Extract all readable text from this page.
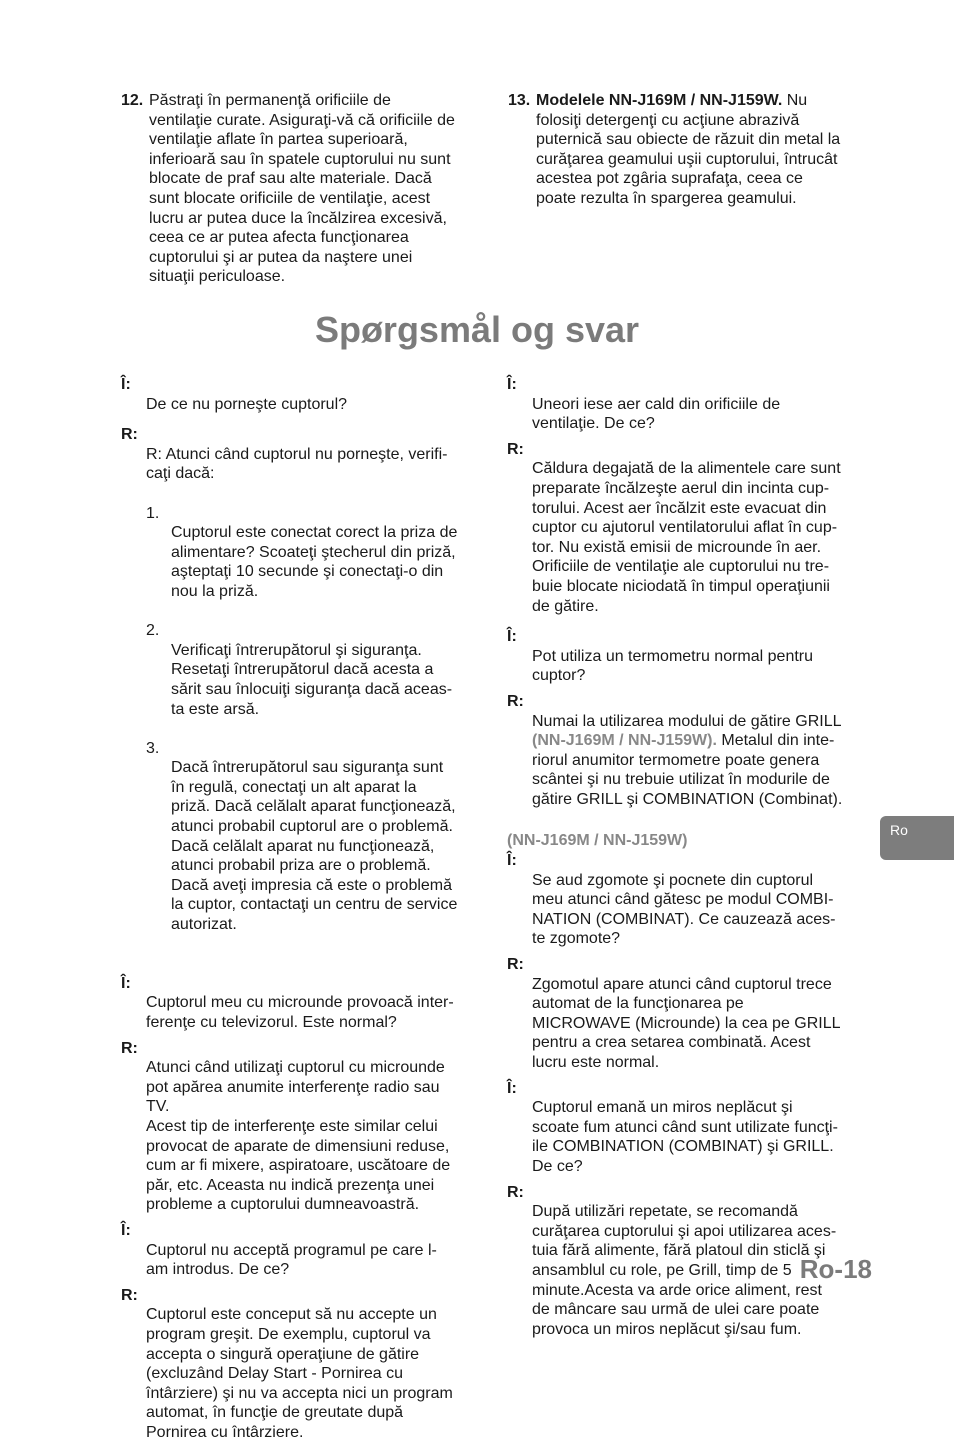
12. Păstraţi în permanenţă orificiile de
ventilaţie curate. Asiguraţi-vă că orificiile de
ventilaţie aflate în partea superioară,
inferioară sau în spatele cuptorului nu sunt
blocate de praf sau alte materiale. Dacă
sunt blocate orificiile de ventilaţie, acest
lucru ar putea duce la încălzirea excesivă,
ceea ce ar putea afecta funcţionarea
cuptorului şi ar putea da naştere unei
situaţii periculoase.
13. Modelele NN-J169M / NN-J159W. Nu
folosiţi detergenţi cu acţiune abrazivă
puternică sau obiecte de răzuit din metal la
curăţarea geamului uşii cuptorului, întrucât
acestea pot zgâria suprafaţa, ceea ce
poate rezulta în spargerea geamului.
Spørgsmål og svar

Î:
De ce nu porneşte cuptorul?

R:
R: Atunci când cuptorul nu porneşte, verifi-
caţi dacă:

1.
Cuptorul este conectat corect la priza de
alimentare? Scoateţi ştecherul din priză,
aşteptaţi 10 secunde şi conectaţi-o din
nou la priză.

2.
Verificaţi întrerupătorul şi siguranţa.
Resetaţi întrerupătorul dacă acesta a
sărit sau înlocuiţi siguranţa dacă aceas-
ta este arsă.

3.
Dacă întrerupătorul sau siguranţa sunt
în regulă, conectaţi un alt aparat la
priză. Dacă celălalt aparat funcţionează,
atunci probabil cuptorul are o problemă.
Dacă celălalt aparat nu funcţionează,
atunci probabil priza are o problemă.
Dacă aveţi impresia că este o problemă
la cuptor, contactaţi un centru de service
autorizat.

Î:
Cuptorul meu cu microunde provoacă inter-
ferenţe cu televizorul. Este normal?

R:
Atunci când utilizaţi cuptorul cu microunde
pot apărea anumite interferenţe radio sau
TV.
Acest tip de interferenţe este similar celui
provocat de aparate de dimensiuni reduse,
cum ar fi mixere, aspiratoare, uscătoare de
păr, etc. Aceasta nu indică prezenţa unei
probleme a cuptorului dumneavoastră.

Î:
Cuptorul nu acceptă programul pe care l-
am introdus. De ce?

R:
Cuptorul este conceput să nu accepte un
program greşit. De exemplu, cuptorul va
accepta o singură operaţiune de gătire
(excluzând Delay Start - Pornirea cu
întârziere) şi nu va accepta nici un program
automat, în funcţie de greutate după
Pornirea cu întârziere.

Î:
Uneori iese aer cald din orificiile de
ventilaţie. De ce?

R:
Căldura degajată de la alimentele care sunt
preparate încălzeşte aerul din incinta cup-
torului. Acest aer încălzit este evacuat din
cuptor cu ajutorul ventilatorului aflat în cup-
tor. Nu există emisii de microunde în aer.
Orificiile de ventilaţie ale cuptorului nu tre-
buie blocate niciodată în timpul operaţiunii
de gătire.

Î:
Pot utiliza un termometru normal pentru
cuptor?

R:
Numai la utilizarea modului de gătire GRILL
(NN-J169M / NN-J159W). Metalul din inte-
riorul anumitor termometre poate genera
scântei şi nu trebuie utilizat în modurile de
gătire GRILL şi COMBINATION (Combinat).

(NN-J169M / NN-J159W)

Î:
Se aud zgomote şi pocnete din cuptorul
meu atunci când gătesc pe modul COMBI-
NATION (COMBINAT). Ce cauzează aces-
te zgomote?

R:
Zgomotul apare atunci când cuptorul trece
automat de la funcţionarea pe
MICROWAVE (Microunde) la cea pe GRILL
pentru a crea setarea combinată. Acest
lucru este normal.

Î:
Cuptorul emană un miros neplăcut şi
scoate fum atunci când sunt utilizate funcţi-
ile COMBINATION (COMBINAT) şi GRILL.
De ce?

R:
După utilizări repetate, se recomandă
curăţarea cuptorului şi apoi utilizarea aces-
tuia fără alimente, fără platoul din sticlă şi
ansamblul cu role, pe Grill, timp de 5
minute.Acesta va arde orice aliment, rest
de mâncare sau urmă de ulei care poate
provoca un miros neplăcut şi/sau fum.

Ro
Ro-18
